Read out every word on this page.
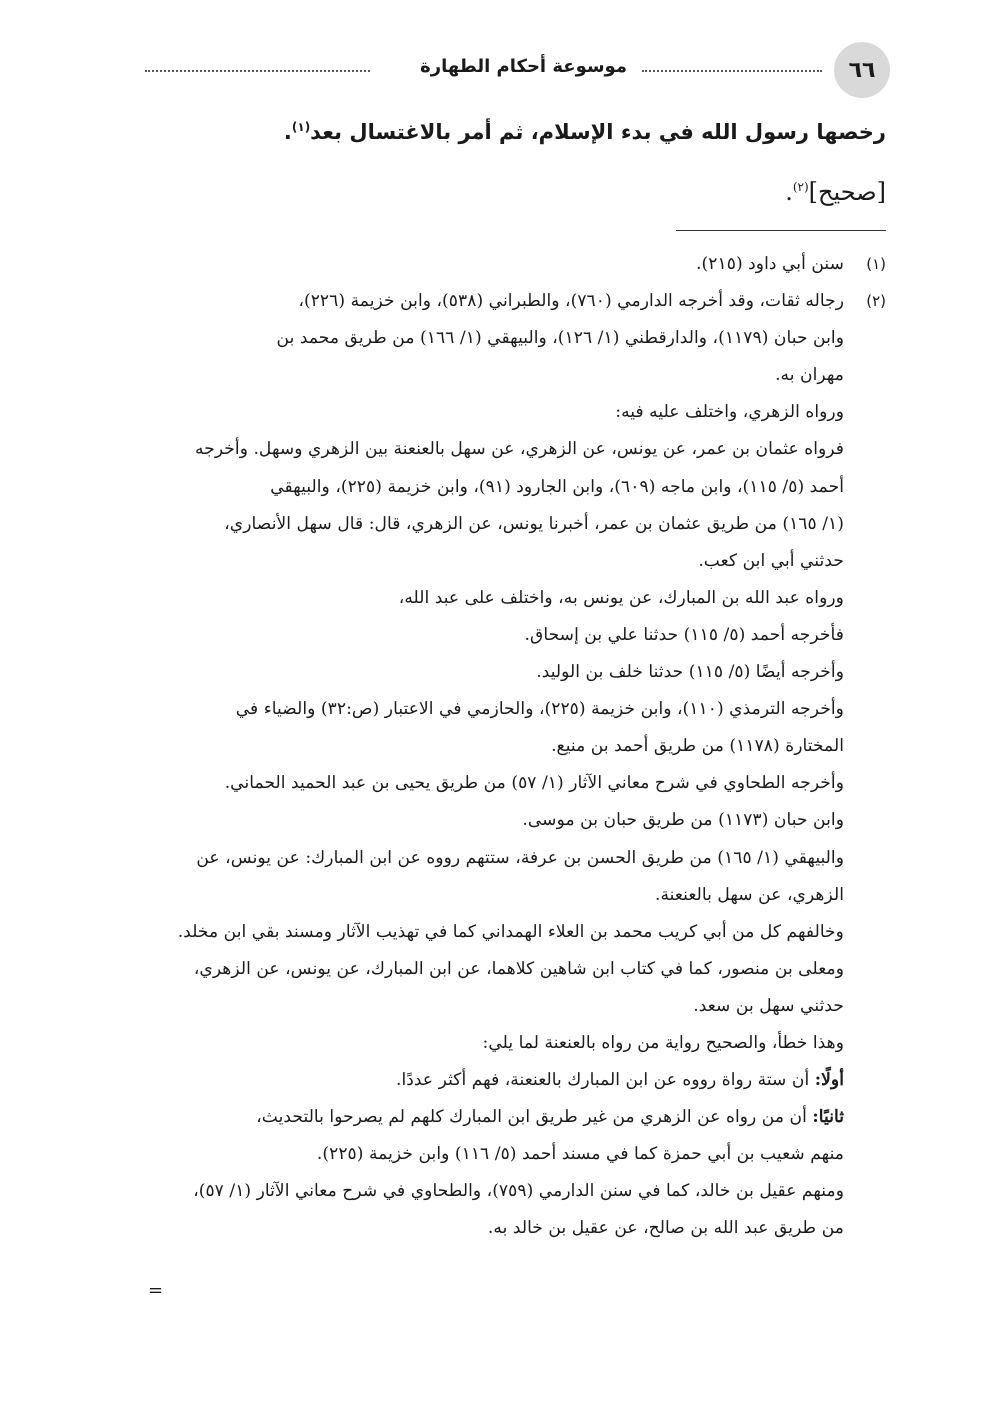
٦٦
موسوعة أحكام الطهارة
رخصها رسول الله في بدء الإسلام، ثم أمر بالاغتسال بعد$^{(١)}$.
[صحيح]$^{(٢)}$.
(١)
سنن أبي داود (٢١٥).
(٢)
رجاله ثقات، وقد أخرجه الدارمي (٧٦٠)، والطبراني (٥٣٨)، وابن خزيمة (٢٢٦)،
وابن حبان (١١٧٩)، والدارقطني (١/ ١٢٦)، والبيهقي (١/ ١٦٦) من طريق محمد بن
مهران به.
ورواه الزهري، واختلف عليه فيه:
فرواه عثمان بن عمر، عن يونس، عن الزهري، عن سهل بالعنعنة بين الزهري وسهل. وأخرجه
أحمد (٥/ ١١٥)، وابن ماجه (٦٠٩)، وابن الجارود (٩١)، وابن خزيمة (٢٢٥)، والبيهقي
(١/ ١٦٥) من طريق عثمان بن عمر، أخبرنا يونس، عن الزهري، قال: قال سهل الأنصاري،
حدثني أبي ابن كعب.
ورواه عبد الله بن المبارك، عن يونس به، واختلف على عبد الله،
فأخرجه أحمد (٥/ ١١٥) حدثنا علي بن إسحاق.
وأخرجه أيضًا (٥/ ١١٥) حدثنا خلف بن الوليد.
وأخرجه الترمذي (١١٠)، وابن خزيمة (٢٢٥)، والحازمي في الاعتبار (ص:٣٢) والضياء في
المختارة (١١٧٨) من طريق أحمد بن منيع.
وأخرجه الطحاوي في شرح معاني الآثار (١/ ٥٧) من طريق يحيى بن عبد الحميد الحماني.
وابن حبان (١١٧٣) من طريق حبان بن موسى.
والبيهقي (١/ ١٦٥) من طريق الحسن بن عرفة، ستتهم رووه عن ابن المبارك: عن يونس، عن
الزهري، عن سهل بالعنعنة.
وخالفهم كل من أبي كريب محمد بن العلاء الهمداني كما في تهذيب الآثار ومسند بقي ابن مخلد.
ومعلى بن منصور، كما في كتاب ابن شاهين كلاهما، عن ابن المبارك، عن يونس، عن الزهري،
حدثني سهل بن سعد.
وهذا خطأ، والصحيح رواية من رواه بالعنعنة لما يلي:
أولًا: أن ستة رواة رووه عن ابن المبارك بالعنعنة، فهم أكثر عددًا.
ثانيًا: أن من رواه عن الزهري من غير طريق ابن المبارك كلهم لم يصرحوا بالتحديث،
منهم شعيب بن أبي حمزة كما في مسند أحمد (٥/ ١١٦) وابن خزيمة (٢٢٥).
ومنهم عقيل بن خالد، كما في سنن الدارمي (٧٥٩)، والطحاوي في شرح معاني الآثار (١/ ٥٧)،
من طريق عبد الله بن صالح، عن عقيل بن خالد به.
=
